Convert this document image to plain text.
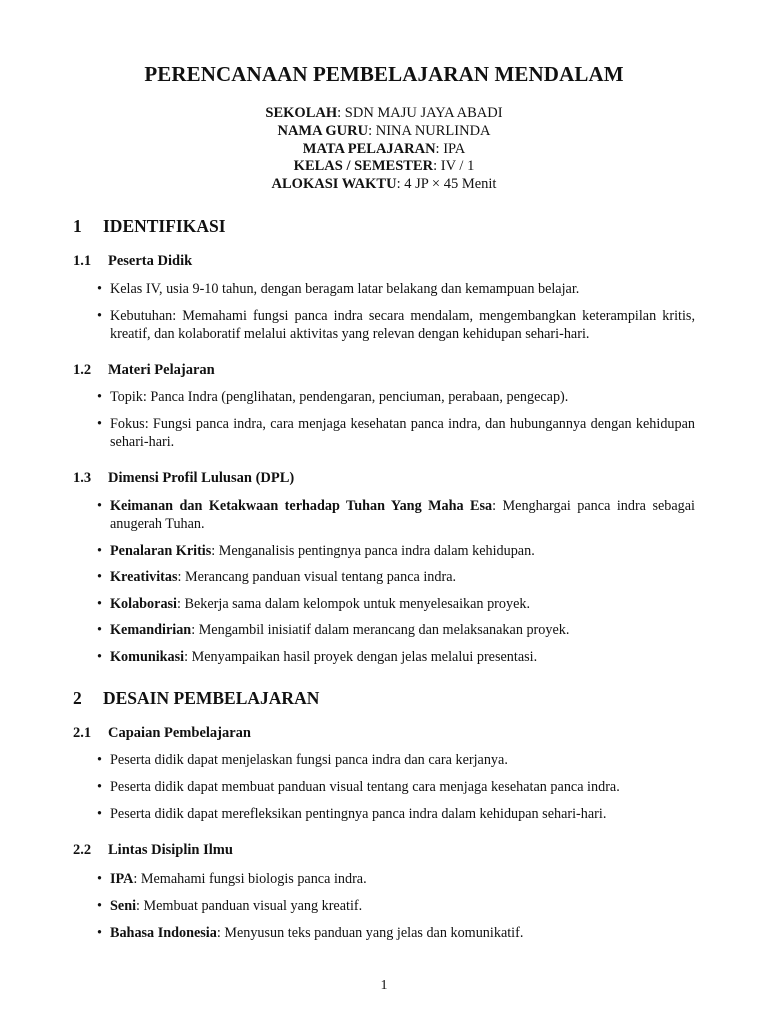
PERENCANAAN PEMBELAJARAN MENDALAM
SEKOLAH: SDN MAJU JAYA ABADI
NAMA GURU: NINA NURLINDA
MATA PELAJARAN: IPA
KELAS / SEMESTER: IV / 1
ALOKASI WAKTU: 4 JP × 45 Menit
1 IDENTIFIKASI
1.1 Peserta Didik
• Kelas IV, usia 9-10 tahun, dengan beragam latar belakang dan kemampuan belajar.
• Kebutuhan: Memahami fungsi panca indra secara mendalam, mengembangkan keterampilan kritis, kreatif, dan kolaboratif melalui aktivitas yang relevan dengan kehidupan sehari-hari.
1.2 Materi Pelajaran
• Topik: Panca Indra (penglihatan, pendengaran, penciuman, perabaan, pengecap).
• Fokus: Fungsi panca indra, cara menjaga kesehatan panca indra, dan hubungannya dengan kehidupan sehari-hari.
1.3 Dimensi Profil Lulusan (DPL)
• Keimanan dan Ketakwaan terhadap Tuhan Yang Maha Esa: Menghargai panca indra sebagai anugerah Tuhan.
• Penalaran Kritis: Menganalisis pentingnya panca indra dalam kehidupan.
• Kreativitas: Merancang panduan visual tentang panca indra.
• Kolaborasi: Bekerja sama dalam kelompok untuk menyelesaikan proyek.
• Kemandirian: Mengambil inisiatif dalam merancang dan melaksanakan proyek.
• Komunikasi: Menyampaikan hasil proyek dengan jelas melalui presentasi.
2 DESAIN PEMBELAJARAN
2.1 Capaian Pembelajaran
• Peserta didik dapat menjelaskan fungsi panca indra dan cara kerjanya.
• Peserta didik dapat membuat panduan visual tentang cara menjaga kesehatan panca indra.
• Peserta didik dapat merefleksikan pentingnya panca indra dalam kehidupan sehari-hari.
2.2 Lintas Disiplin Ilmu
• IPA: Memahami fungsi biologis panca indra.
• Seni: Membuat panduan visual yang kreatif.
• Bahasa Indonesia: Menyusun teks panduan yang jelas dan komunikatif.
1
